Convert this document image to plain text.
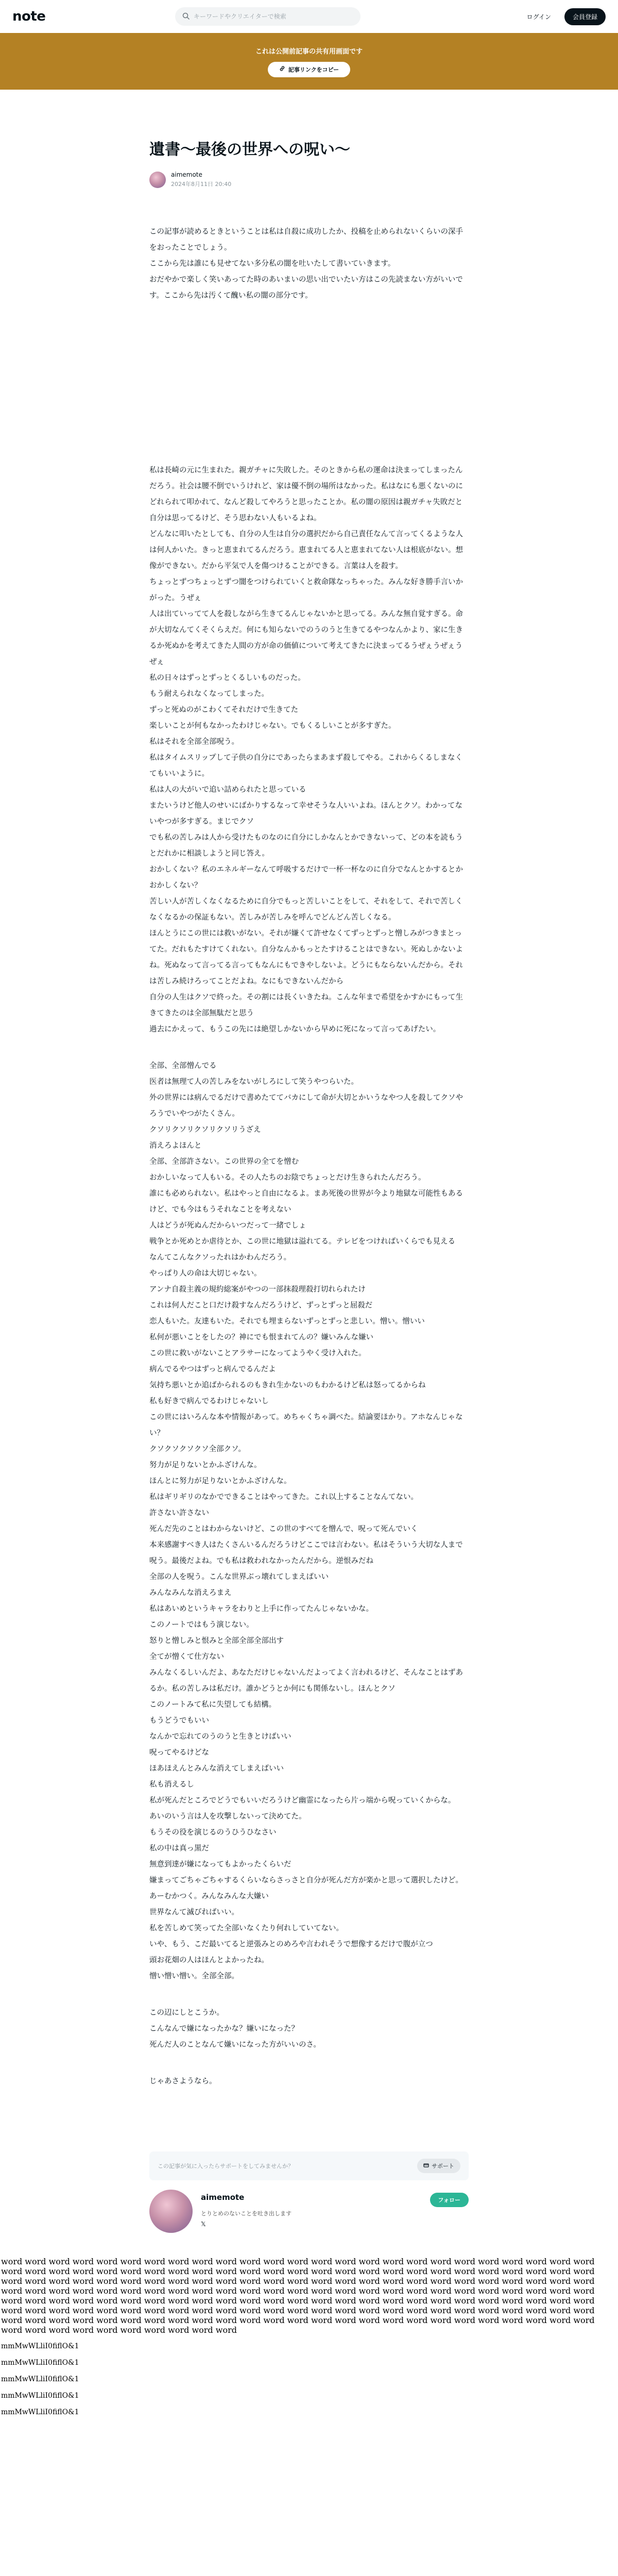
note
キーワードやクリエイターで検索	ログイン	会員登録
これは公開前記事の共有用画面です
記事リンクをコピー
遺書〜最後の世界への呪い〜
aimemote
2024年8月11日 20:40

この記事が読めるときということは私は自殺に成功したか、投稿を止められないくらいの深手をおったことでしょう。
ここから先は誰にも見せてない多分私の闇を吐いたして書いていきます。
おだやかで楽しく笑いあってた時のあいまいの思い出でいたい方はこの先読まない方がいいです。ここから先は汚くて醜い私の闇の部分です。

私は長崎の元に生まれた。親ガチャに失敗した。そのときから私の運命は決まってしまったんだろう。社会は腰不倒でいうけれど、家は優不倒の場所はなかった。私はなにも悪くないのにどれられて叩かれて、なんど殺してやろうと思ったことか。私の闇の原因は親ガチャ失敗だと自分は思ってるけど、そう思わない人もいるよね。
どんなに叩いたとしても、自分の人生は自分の選択だから自己責任なんて言ってくるような人は何人かいた。きっと恵まれてるんだろう。恵まれてる人と恵まれてない人は根底がない。想像ができない。だから平気で人を傷つけることができる。言葉は人を殺す。
ちょっとずつちょっとずつ闇をつけられていくと救命隊なっちゃった。みんな好き勝手言いかがった。うぜぇ
人は出ていってて人を殺しながら生きてるんじゃないかと思ってる。みんな無自覚すぎる。命が大切なんてくそくらえだ。何にも知らないでのうのうと生きてるやつなんかより、家に生きるか死ぬかを考えてきた人間の方が命の価値について考えてきたに決まってるうぜぇうぜぇうぜぇ
私の日々はずっとずっとくるしいものだった。
もう耐えられなくなってしまった。
ずっと死ぬのがこわくてそれだけで生きてた
楽しいことが何もなかったわけじゃない。でもくるしいことが多すぎた。
私はそれを全部全部呪う。
私はタイムスリップして子供の自分にであったらまあまず殺してやる。これからくるしまなくてもいいように。
私は人の大がいで追い詰められたと思っている
またいうけど他人のせいにばかりするなって幸せそうな人いいよね。ほんとクソ。わかってないやつが多すぎる。まじでクソ
でも私の苦しみは人から受けたものなのに自分にしかなんとかできないって、どの本を読もうとだれかに相談しようと同じ答え。
おかしくない？私のエネルギーなんて呼吸するだけで一杯一杯なのに自分でなんとかするとかおかしくない？
苦しい人が苦しくなくなるために自分でもっと苦しいことをして、それをして、それで苦しくなくなるかの保証もない。苦しみが苦しみを呼んでどんどん苦しくなる。
ほんとうにこの世には救いがない。それが嫌くて許せなくてずっとずっと憎しみがつきまとってた。だれもたすけてくれない。自分なんかもっとたすけることはできない。死ぬしかないよね。死ぬなって言ってる言ってもなんにもできやしないよ。どうにもならないんだから。それは苦しみ続けろってことだよね。なにもできないんだから
自分の人生はクソで終った。その割には長くいきたね。こんな年まで希望をかすかにもって生きてきたのは全部無駄だと思う
過去にかえって、もうこの先には絶望しかないから早めに死になって言ってあげたい。

全部、全部憎んでる
医者は無理て人の苦しみをないがしろにして笑うやつらいた。
外の世界には病んでるだけで書めたててバカにして命が大切とかいうなやつ人を殺してクソやろうでいやつがたくさん。
クソリクソリクソリクソリうざえ
消えろよほんと
全部、全部許さない。この世界の全てを憎む
おかしいなって人もいる。その人たちのお陰でちょっとだけ生きられたんだろう。
誰にも必められない。私はやっと自由になるよ。まあ死後の世界が今より地獄な可能性もあるけど、でも今はもうそれなことを考えない
人はどうが死ぬんだからいつだって一緒でしょ
戦争とか死めとか虐待とか、この世に地獄は溢れてる。テレビをつければいくらでも見える
なんてこんなクソったれはかわんだろう。
やっぱり人の命は大切じゃない。
アンナ自殺主義の規約総案がやつの一部抹殺理殺打切れられたけ
これは何人だこと口だけ殺すなんだろうけど、ずっとずっと屈殺だ
恋人もいた。友達もいた。それでも埋まらないずっとずっと悲しい。憎い。憎いい
私何が悪いことをしたの？神にでも恨まれてんの？嫌いみんな嫌い
この世に救いがないことアラサーになってようやく受け入れた。
病んでるやつはずっと病んでるんだよ
気持ち悪いとか追ばかられるのもきれ生かないのもわかるけど私は怒ってるからね
私も好きで病んでるわけじゃないし
この世にはいろんな本や情報があって。めちゃくちゃ調べた。結論要ほかり。アホなんじゃない？
クソクソクソクソ全部クソ。
努力が足りないとかふざけんな。
ほんとに努力が足りないとかふざけんな。
私はギリギリのなかでできることはやってきた。これ以上することなんてない。
許さない許さない
死んだ先のことはわからないけど、この世のすべてを憎んで、呪って死んでいく
本来感謝すべき人はたくさんいるんだろうけどここでは言わない。私はそういう大切な人まで呪う。最後だよね。でも私は救われなかったんだから。逆恨みだね
全部の人を呪う。こんな世界ぶっ壊れてしまえばいい
みんなみんな消えろまえ
私はあいめというキャラをわりと上手に作ってたんじゃないかな。
このノートではもう演じない。
怒りと憎しみと恨みと全部全部全部出す
全てが憎くて仕方ない
みんなくるしいんだよ、あなただけじゃないんだよってよく言われるけど、そんなことはずあるか。私の苦しみは私だけ。誰かどうとか何にも関係ないし。ほんとクソ
このノートみて私に失望しても結構。
もうどうでもいい
なんかで忘れてのうのうと生きとけばいい
呪ってやるけどな
ほあほえんとみんな消えてしまえばいい
私も消えるし
私が死んだところでどうでもいいだろうけど幽霊になったら片っ端から呪っていくからな。
あいのいう言は人を攻撃しないって決めてた。
もうその役を演じるのうひうひなさい
私の中は真っ黒だ
無意到達が嫌になってもよかったくらいだ
嫌まってごちゃごちゃするくらいならさっさと自分が死んだ方が楽かと思って選択したけど。
あーむかつく。みんなみんな大嫌い
世界なんて滅びればいい。
私を苦しめて笑ってた全部いなくたり何れしていてない。
いや、もう、こだ最いてると逆張みとのめろや言われそうで想像するだけで腹が立つ
頭お花畑の人はほんとよかったね。
憎い憎い憎い。全部全部。

この辺にしとこうか。
こんなんで嫌になったかな？嫌いになった？
死んだ人のことなんて嫌いになった方がいいのさ。

じゃあさようなら。

この記事が気に入ったらサポートをしてみませんか？	サポート
aimemote
とりとめのないことを吐き出します
𝕏
フォロー
word word word word word word word word word word word word word word word word word word word word word word word word word word word word word word word word word word word word word word word word word word word word word word word word word word word word word word word word word word word word word word word word word word word word word word word word word word word word word word word word word word word word word word word word word word word word word word word word word word word word word word word word word word word word word word word word word word word word word word word word word word word word word word word word word word word word word word word word word word word word word word word word word word word word word word word word word word word word word word word word word word word word word word word word word word word word word word word word word word word word word word word word word
mmMwWLliI0fiflO&1
mmMwWLliI0fiflO&1
mmMwWLliI0fiflO&1
mmMwWLliI0fiflO&1
mmMwWLliI0fiflO&1
